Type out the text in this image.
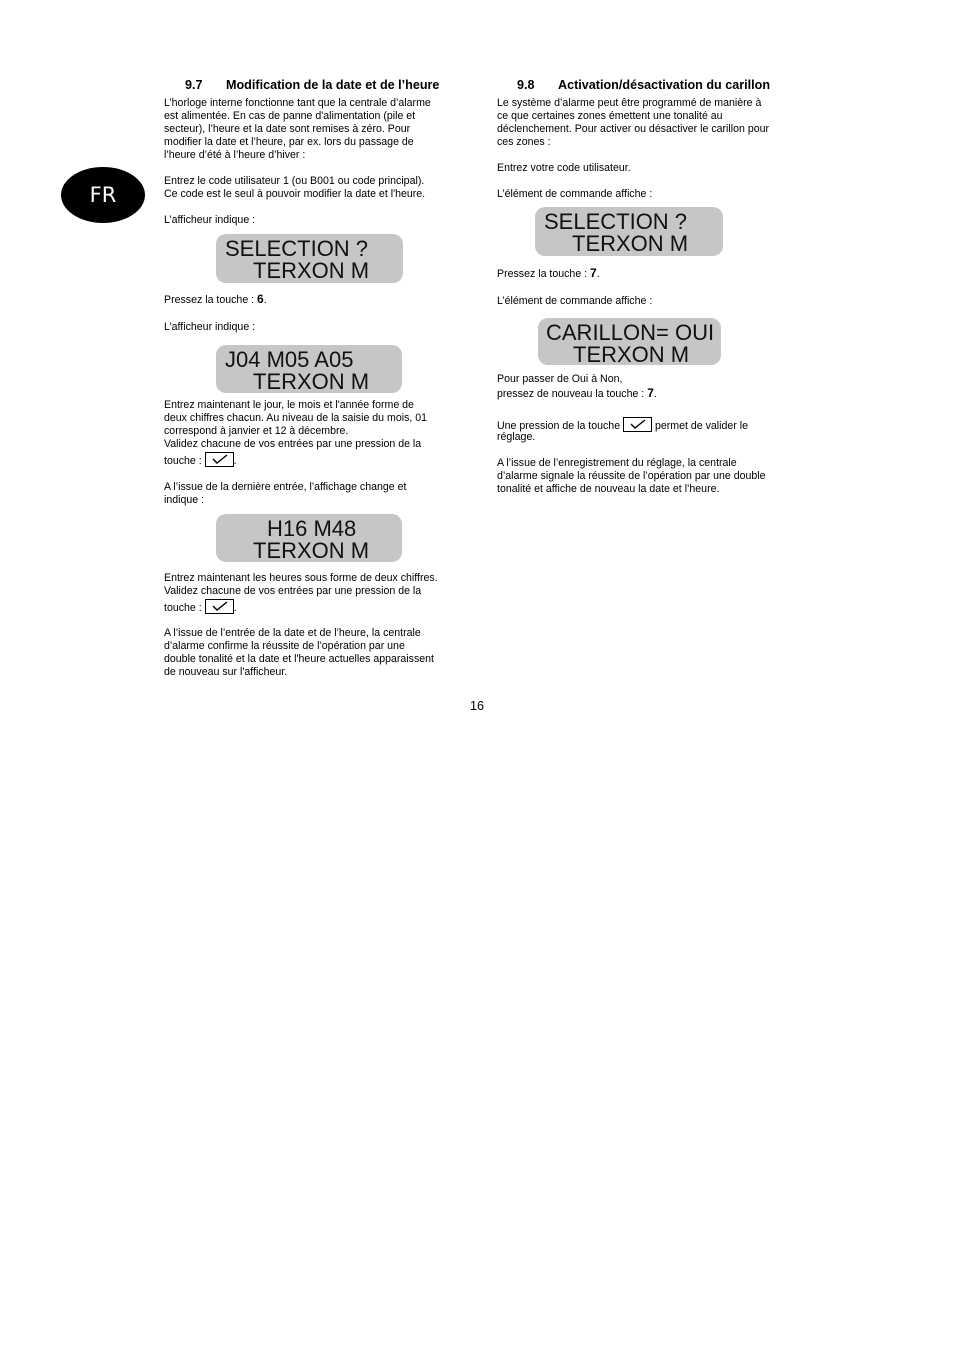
FR
9.7 Modification de la date et de l’heure
L’horloge interne fonctionne tant que la centrale d’alarme
est alimentée. En cas de panne d'alimentation (pile et
secteur), l’heure et la date sont remises à zéro. Pour
modifier la date et l’heure, par ex. lors du passage de
l’heure d’été à l’heure d’hiver :
Entrez le code utilisateur 1 (ou B001 ou code principal).
Ce code est le seul à pouvoir modifier la date et l'heure.
L’afficheur indique :
SELECTION ?
TERXON M
Pressez la touche : 6.
L’afficheur indique :
J04 M05 A05
TERXON M
Entrez maintenant le jour, le mois et l'année forme de
deux chiffres chacun. Au niveau de la saisie du mois, 01
correspond à janvier et 12 à décembre.
Validez chacune de vos entrées par une pression de la
touche :	.
A l’issue de la dernière entrée, l’affichage change et
indique :
H16 M48
TERXON M
Entrez maintenant les heures sous forme de deux chiffres.
Validez chacune de vos entrées par une pression de la
touche :	.
A l’issue de l’entrée de la date et de l’heure, la centrale
d’alarme confirme la réussite de l’opération par une
double tonalité et la date et l'heure actuelles apparaissent
de nouveau sur l'afficheur.
9.8 Activation/désactivation du carillon
Le système d’alarme peut être programmé de manière à
ce que certaines zones émettent une tonalité au
déclenchement. Pour activer ou désactiver le carillon pour
ces zones :
Entrez votre code utilisateur.
L’élément de commande affiche :
SELECTION ?
TERXON M
Pressez la touche : 7.
L’élément de commande affiche :
CARILLON= OUI
TERXON M
Pour passer de Oui à Non,
pressez de nouveau la touche : 7.
Une pression de la touche	permet de valider le
réglage.
A l’issue de l’enregistrement du réglage, la centrale
d’alarme signale la réussite de l’opération par une double
tonalité et affiche de nouveau la date et l’heure.
16
